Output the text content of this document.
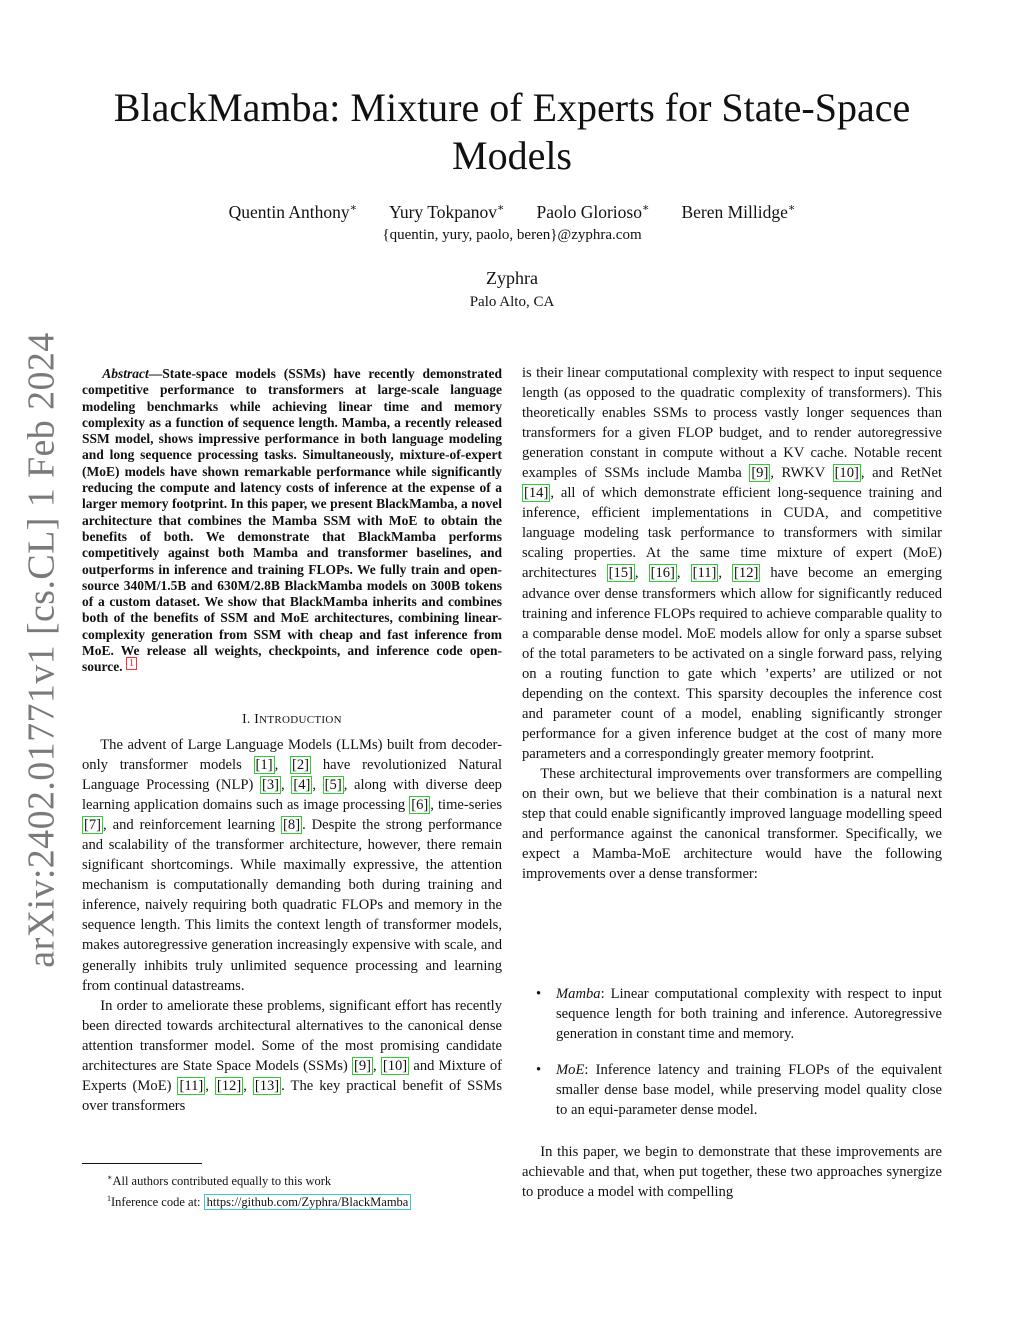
arXiv:2402.01771v1 [cs.CL] 1 Feb 2024
BlackMamba: Mixture of Experts for State-Space Models
Quentin Anthony∗ Yury Tokpanov∗ Paolo Glorioso∗ Beren Millidge∗
{quentin, yury, paolo, beren}@zyphra.com
Zyphra
Palo Alto, CA

Abstract—State-space models (SSMs) have recently demonstrated competitive performance to transformers at large-scale language modeling benchmarks while achieving linear time and memory complexity as a function of sequence length. Mamba, a recently released SSM model, shows impressive performance in both language modeling and long sequence processing tasks. Simultaneously, mixture-of-expert (MoE) models have shown remarkable performance while significantly reducing the compute and latency costs of inference at the expense of a larger memory footprint. In this paper, we present BlackMamba, a novel architecture that combines the Mamba SSM with MoE to obtain the benefits of both. We demonstrate that BlackMamba performs competitively against both Mamba and transformer baselines, and outperforms in inference and training FLOPs. We fully train and open-source 340M/1.5B and 630M/2.8B BlackMamba models on 300B tokens of a custom dataset. We show that BlackMamba inherits and combines both of the benefits of SSM and MoE architectures, combining linear-complexity generation from SSM with cheap and fast inference from MoE. We release all weights, checkpoints, and inference code open-source. $^1$

I. INTRODUCTION

The advent of Large Language Models (LLMs) built from decoder-only transformer models [1] , [2] have revolutionized Natural Language Processing (NLP) [3] , [4] , [5] , along with diverse deep learning application domains such as image processing [6] , time-series [7] , and reinforcement learning [8] . Despite the strong performance and scalability of the transformer architecture, however, there remain significant shortcomings. While maximally expressive, the attention mechanism is computationally demanding both during training and inference, naively requiring both quadratic FLOPs and memory in the sequence length. This limits the context length of transformer models, makes autoregressive generation increasingly expensive with scale, and generally inhibits truly unlimited sequence processing and learning from continual datastreams.

In order to ameliorate these problems, significant effort has recently been directed towards architectural alternatives to the canonical dense attention transformer model. Some of the most promising candidate architectures are State Space Models (SSMs) [9] , [10] and Mixture of Experts (MoE) [11] , [12] , [13] . The key practical benefit of SSMs over transformers

∗All authors contributed equally to this work
$^1$Inference code at: https://github.com/Zyphra/BlackMamba

is their linear computational complexity with respect to input sequence length (as opposed to the quadratic complexity of transformers). This theoretically enables SSMs to process vastly longer sequences than transformers for a given FLOP budget, and to render autoregressive generation constant in compute without a KV cache. Notable recent examples of SSMs include Mamba [9] , RWKV [10] , and RetNet [14] , all of which demonstrate efficient long-sequence training and inference, efficient implementations in CUDA, and competitive language modeling task performance to transformers with similar scaling properties. At the same time mixture of expert (MoE) architectures [15] , [16] , [11] , [12] have become an emerging advance over dense transformers which allow for significantly reduced training and inference FLOPs required to achieve comparable quality to a comparable dense model. MoE models allow for only a sparse subset of the total parameters to be activated on a single forward pass, relying on a routing function to gate which ’experts’ are utilized or not depending on the context. This sparsity decouples the inference cost and parameter count of a model, enabling significantly stronger performance for a given inference budget at the cost of many more parameters and a correspondingly greater memory footprint.

These architectural improvements over transformers are compelling on their own, but we believe that their combination is a natural next step that could enable significantly improved language modelling speed and performance against the canonical transformer. Specifically, we expect a Mamba-MoE architecture would have the following improvements over a dense transformer:

• Mamba: Linear computational complexity with respect to input sequence length for both training and inference. Autoregressive generation in constant time and memory.
• MoE: Inference latency and training FLOPs of the equivalent smaller dense base model, while preserving model quality close to an equi-parameter dense model.

In this paper, we begin to demonstrate that these improvements are achievable and that, when put together, these two approaches synergize to produce a model with compelling
